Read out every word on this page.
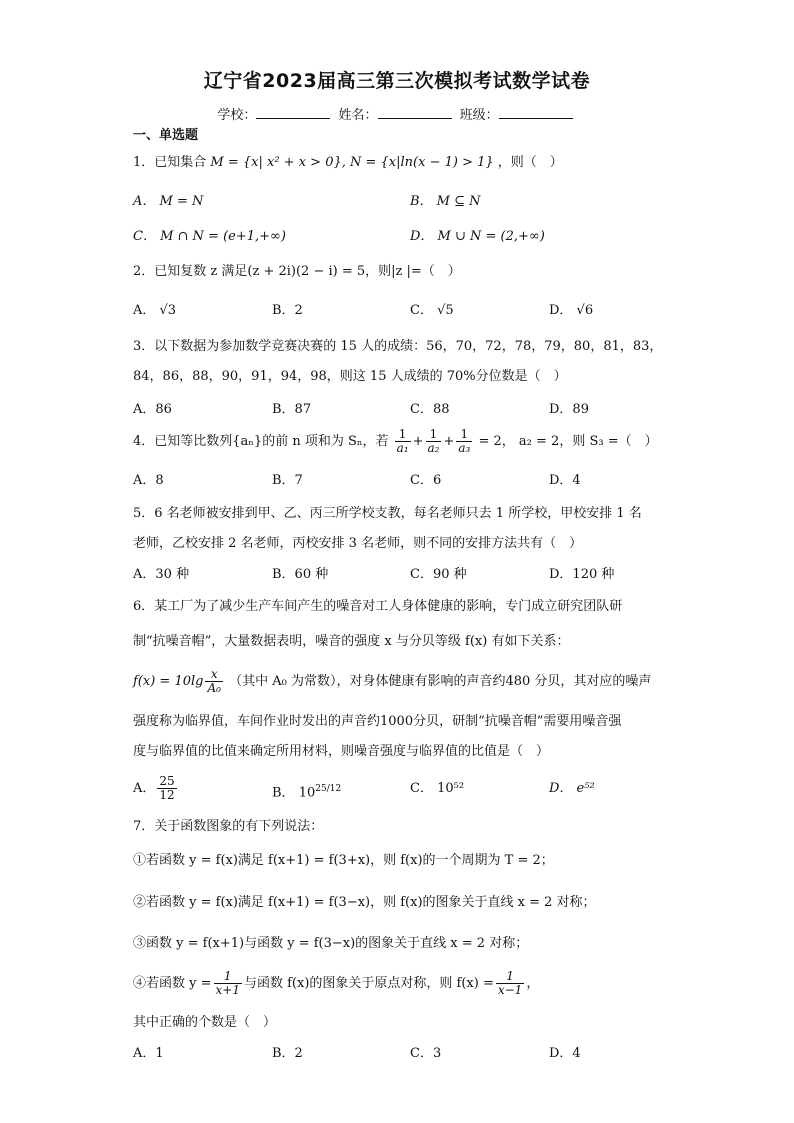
辽宁省2023届高三第三次模拟考试数学试卷
学校：	姓名：	班级：
一、单选题
1．已知集合 M = {x| x² + x > 0}, N = {x|ln(x − 1) > 1} ，则（　）
A． M = N	B． M ⊆ N
C． M ∩ N = (e+1,+∞)	D． M ∪ N = (2,+∞)
2．已知复数 z 满足(z + 2i)(2 − i) = 5，则|z |=（　）
A． √3	B．2	C． √5	D． √6
3．以下数据为参加数学竞赛决赛的 15 人的成绩：56，70，72，78，79，80，81，83，
84，86，88，90，91，94，98，则这 15 人成绩的 70%分位数是（　）
A．86	B．87	C．88	D．89
4．已知等比数列{aₙ}的前 n 项和为 Sₙ，若 $\frac{1}{\text{a₁}} + \frac{1}{\text{a₂}} + \frac{1}{\text{a₃}} = 2$， a₂ = 2，则 S₃ =（　）
A．8	B．7	C．6	D．4
5．6 名老师被安排到甲、乙、丙三所学校支教，每名老师只去 1 所学校，甲校安排 1 名
老师，乙校安排 2 名老师，丙校安排 3 名老师，则不同的安排方法共有（　）
A．30 种	B．60 种	C．90 种	D．120 种
6．某工厂为了减少生产车间产生的噪音对工人身体健康的影响，专门成立研究团队研
制“抗噪音帽”，大量数据表明，噪音的强度 x 与分贝等级 f(x) 有如下关系：
$f(x) = 10\lg \frac{x}{\text{A₀}}$ （其中 A₀ 为常数），对身体健康有影响的声音约480 分贝，其对应的噪声
强度称为临界值，车间作业时发出的声音约1000分贝，研制“抗噪音帽”需要用噪音强
度与临界值的比值来确定所用材料，则噪音强度与临界值的比值是（　）
A． $\frac{25}{12}$	B． $10^{25/12}$	C． 10⁵²	D． e⁵²
7．关于函数图象的有下列说法：
①若函数 y = f(x)满足 f(x+1) = f(3+x)，则 f(x)的一个周期为 T = 2；
②若函数 y = f(x)满足 f(x+1) = f(3−x)，则 f(x)的图象关于直线 x = 2 对称；
③函数 y = f(x+1)与函数 y = f(3−x)的图象关于直线 x = 2 对称；
④若函数 $y = \frac{1}{x+1}$ 与函数 f(x)的图象关于原点对称，则 $f(x) = \frac{1}{x-1}$ ，
其中正确的个数是（　）
A．1	B．2	C．3	D．4
